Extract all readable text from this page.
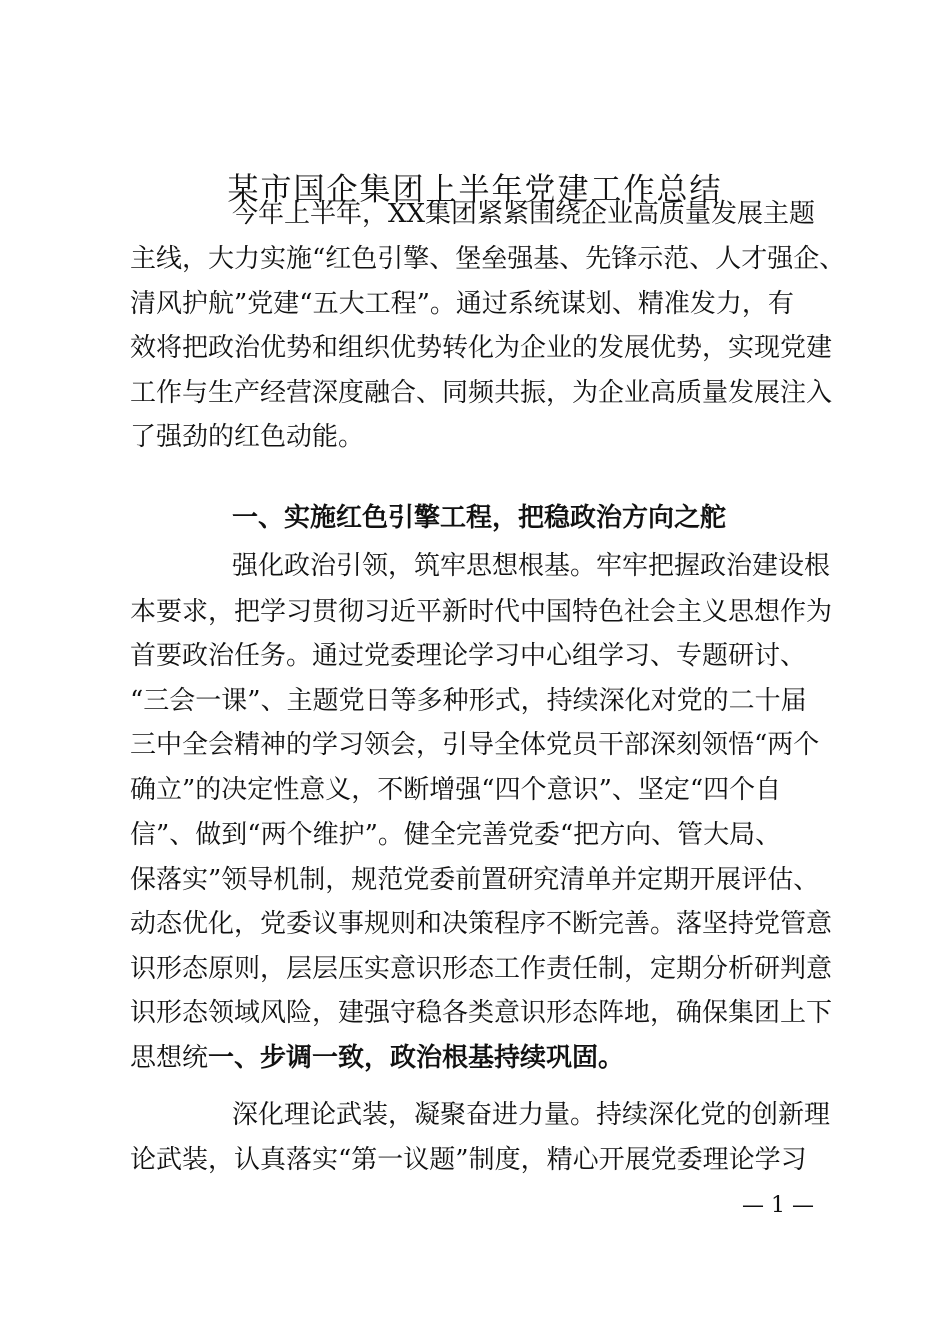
某市国企集团上半年党建工作总结
今年上半年，XX集团紧紧围绕企业高质量发展主题
主线，大力实施“红色引擎、堡垒强基、先锋示范、人才强企、
清风护航”党建“五大工程”。通过系统谋划、精准发力，有
效将把政治优势和组织优势转化为企业的发展优势，实现党建
工作与生产经营深度融合、同频共振，为企业高质量发展注入
了强劲的红色动能。
一、实施红色引擎工程，把稳政治方向之舵
强化政治引领，筑牢思想根基。牢牢把握政治建设根
本要求，把学习贯彻习近平新时代中国特色社会主义思想作为
首要政治任务。通过党委理论学习中心组学习、专题研讨、
“三会一课”、主题党日等多种形式，持续深化对党的二十届
三中全会精神的学习领会，引导全体党员干部深刻领悟“两个
确立”的决定性意义，不断增强“四个意识”、坚定“四个自
信”、做到“两个维护”。健全完善党委“把方向、管大局、
保落实”领导机制，规范党委前置研究清单并定期开展评估、
动态优化，党委议事规则和决策程序不断完善。落坚持党管意
识形态原则，层层压实意识形态工作责任制，定期分析研判意
识形态领域风险，建强守稳各类意识形态阵地，确保集团上下
思想统一、步调一致，政治根基持续巩固。
深化理论武装，凝聚奋进力量。持续深化党的创新理
论武装，认真落实“第一议题”制度，精心开展党委理论学习
— 1 —
